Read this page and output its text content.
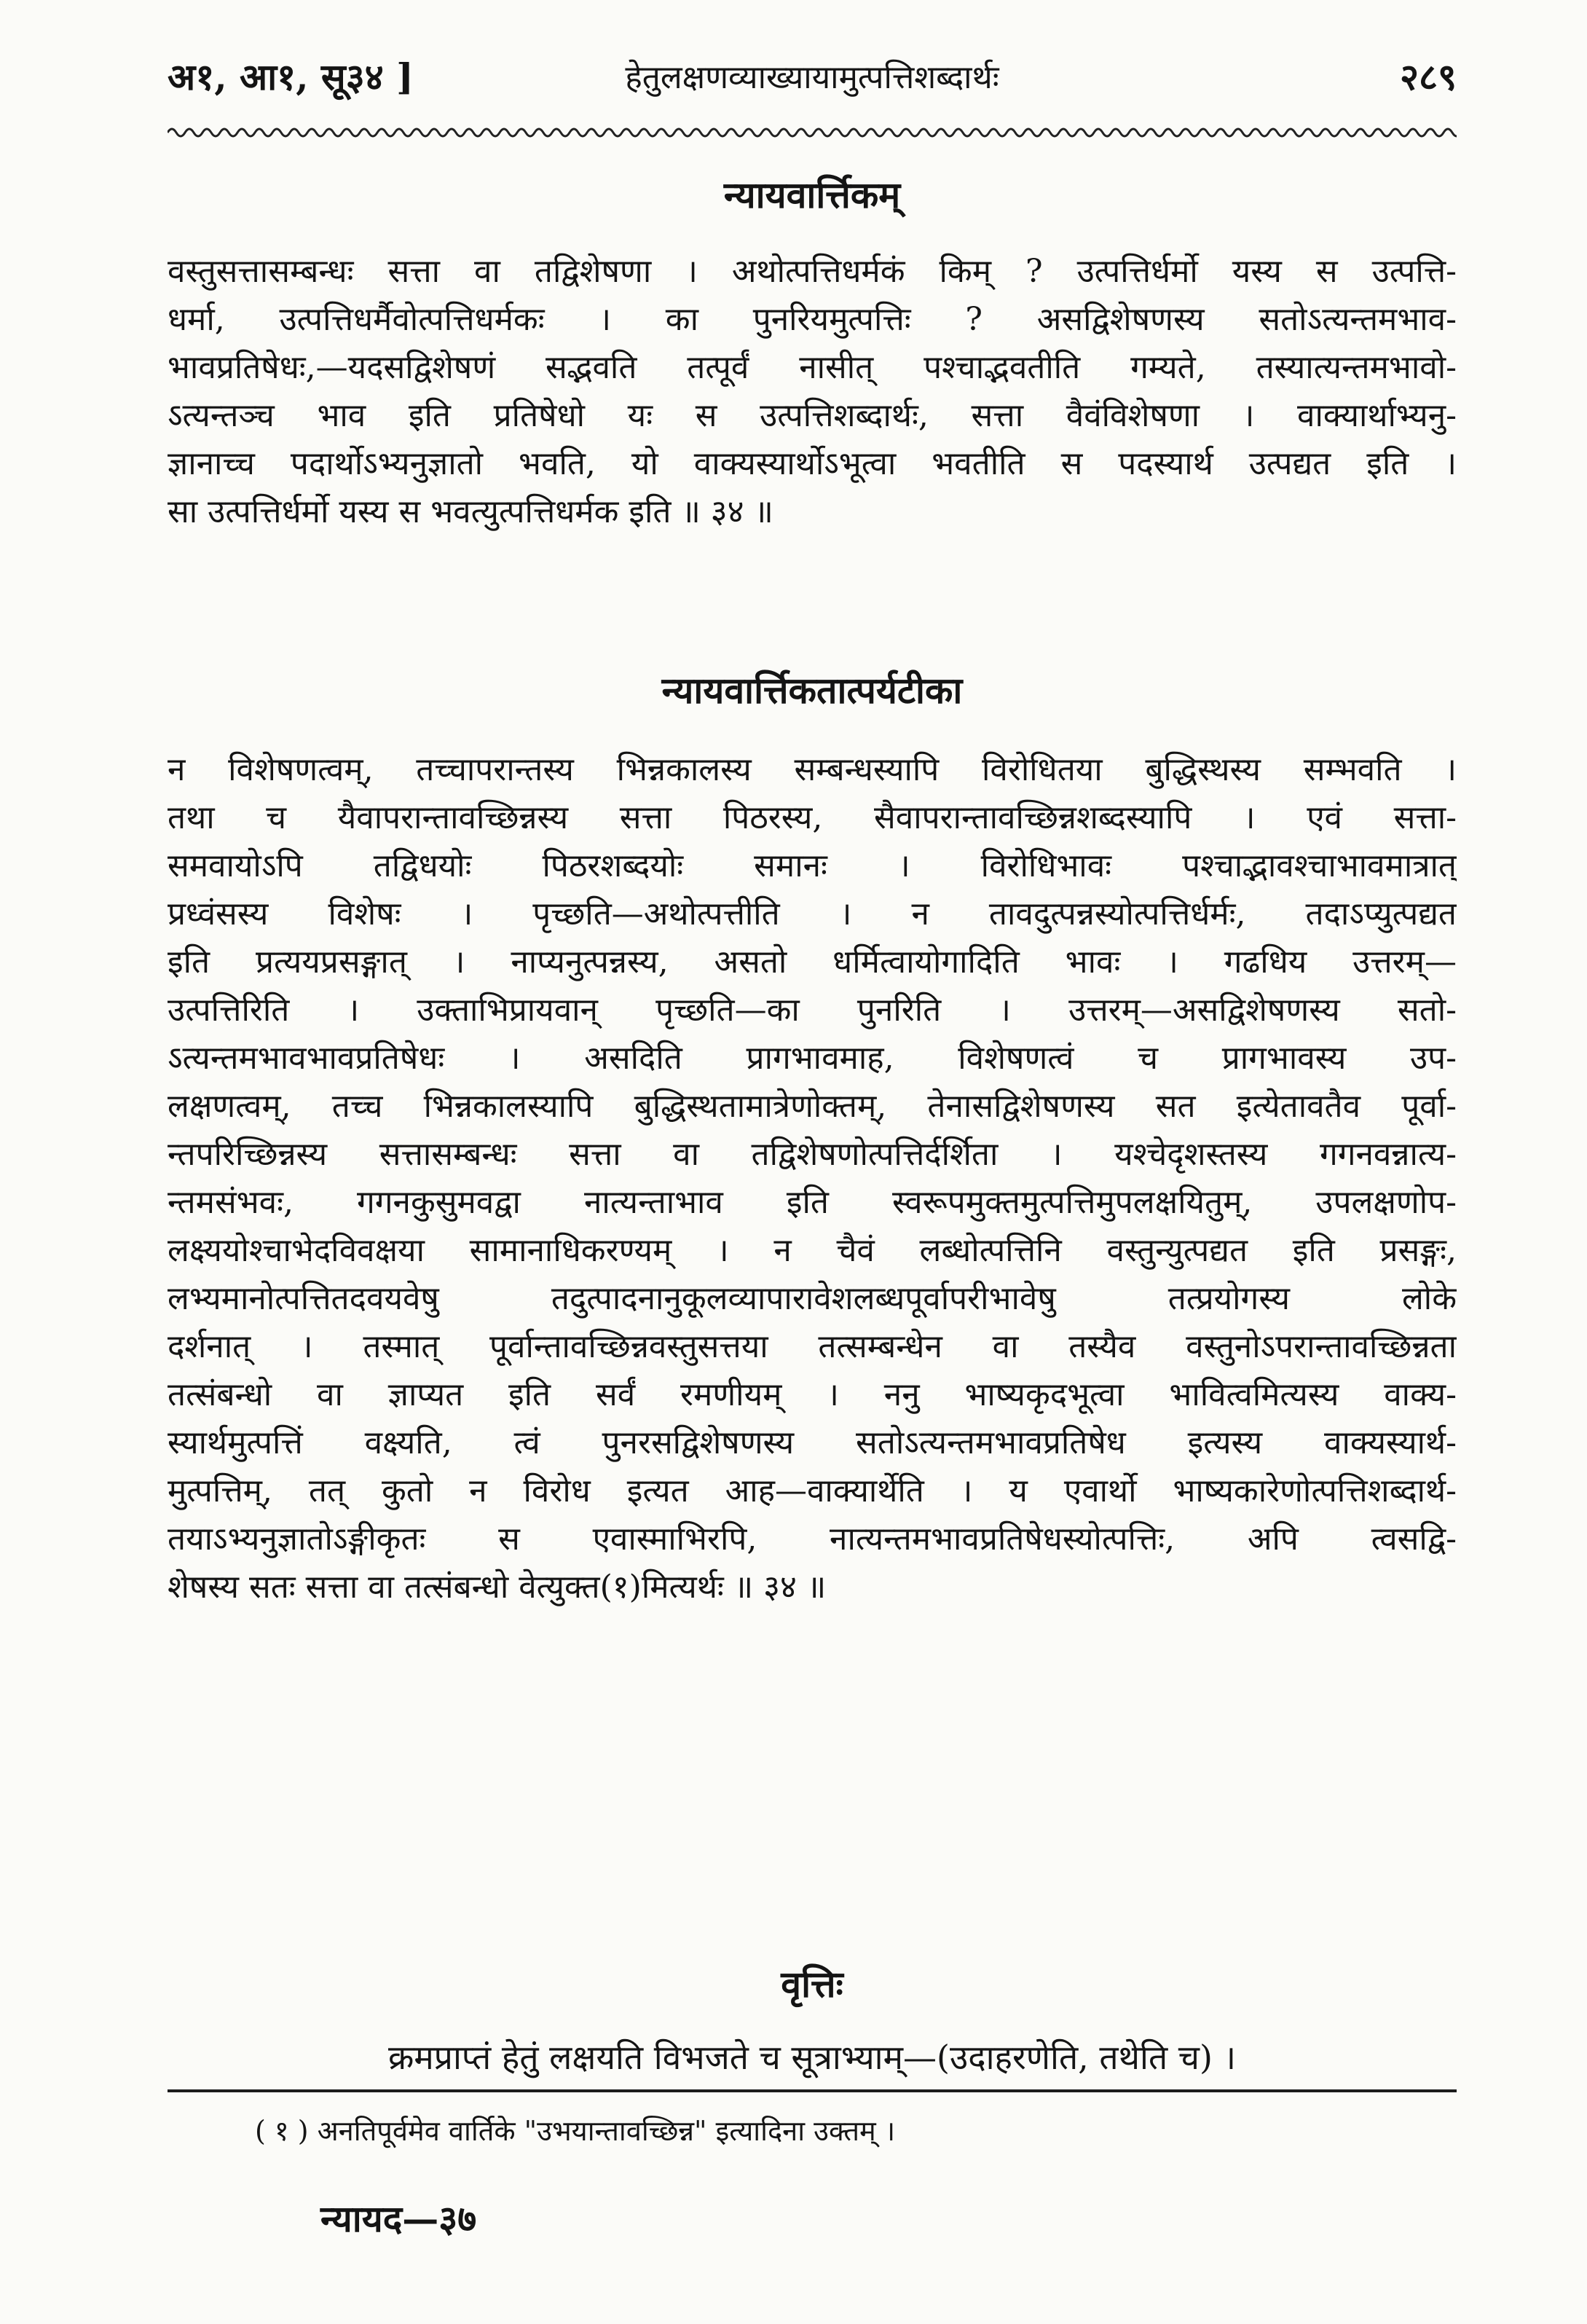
अ१, आ१, सू३४ ]	हेतुलक्षणव्याख्यायामुत्पत्तिशब्दार्थः	२८९
न्यायवार्त्तिकम्
वस्तुसत्तासम्बन्धः सत्ता वा तद्विशेषणा । अथोत्पत्तिधर्मकं किम् ? उत्पत्तिर्धर्मो यस्य स उत्पत्ति-
धर्मा, उत्पत्तिधर्मैवोत्पत्तिधर्मकः । का पुनरियमुत्पत्तिः ? असद्विशेषणस्य सतोऽत्यन्तमभाव-
भावप्रतिषेधः,—यदसद्विशेषणं सद्भवति तत्पूर्वं नासीत् पश्चाद्भवतीति गम्यते, तस्यात्यन्तमभावो-
ऽत्यन्तञ्च भाव इति प्रतिषेधो यः स उत्पत्तिशब्दार्थः, सत्ता वैवंविशेषणा । वाक्यार्थाभ्यनु-
ज्ञानाच्च पदार्थोऽभ्यनुज्ञातो भवति, यो वाक्यस्यार्थोऽभूत्वा भवतीति स पदस्यार्थ उत्पद्यत इति ।
सा उत्पत्तिर्धर्मो यस्य स भवत्युत्पत्तिधर्मक इति ॥ ३४ ॥
न्यायवार्त्तिकतात्पर्यटीका
न विशेषणत्वम्, तच्चापरान्तस्य भिन्नकालस्य सम्बन्धस्यापि विरोधितया बुद्धिस्थस्य सम्भवति ।
तथा च यैवापरान्तावच्छिन्नस्य सत्ता पिठरस्य, सैवापरान्तावच्छिन्नशब्दस्यापि । एवं सत्ता-
समवायोऽपि तद्विधयोः पिठरशब्दयोः समानः । विरोधिभावः पश्चाद्भावश्चाभावमात्रात्
प्रध्वंसस्य विशेषः । पृच्छति—अथोत्पत्तीति । न तावदुत्पन्नस्योत्पत्तिर्धर्मः, तदाऽप्युत्पद्यत
इति प्रत्ययप्रसङ्गात् । नाप्यनुत्पन्नस्य, असतो धर्मित्वायोगादिति भावः । गढधिय उत्तरम्—
उत्पत्तिरिति । उक्ताभिप्रायवान् पृच्छति—का पुनरिति । उत्तरम्—असद्विशेषणस्य सतो-
ऽत्यन्तमभावभावप्रतिषेधः । असदिति प्रागभावमाह, विशेषणत्वं च प्रागभावस्य उप-
लक्षणत्वम्, तच्च भिन्नकालस्यापि बुद्धिस्थतामात्रेणोक्तम्, तेनासद्विशेषणस्य सत इत्येतावतैव पूर्वा-
न्तपरिच्छिन्नस्य सत्तासम्बन्धः सत्ता वा तद्विशेषणोत्पत्तिर्दर्शिता । यश्चेदृशस्तस्य गगनवन्नात्य-
न्तमसंभवः, गगनकुसुमवद्वा नात्यन्ताभाव इति स्वरूपमुक्तमुत्पत्तिमुपलक्षयितुम्, उपलक्षणोप-
लक्ष्ययोश्चाभेदविवक्षया सामानाधिकरण्यम् । न चैवं लब्धोत्पत्तिनि वस्तुन्युत्पद्यत इति प्रसङ्गः,
लभ्यमानोत्पत्तितदवयवेषु तदुत्पादनानुकूलव्यापारावेशलब्धपूर्वापरीभावेषु तत्प्रयोगस्य लोके
दर्शनात् । तस्मात् पूर्वान्तावच्छिन्नवस्तुसत्तया तत्सम्बन्धेन वा तस्यैव वस्तुनोऽपरान्तावच्छिन्नता
तत्संबन्धो वा ज्ञाप्यत इति सर्वं रमणीयम् । ननु भाष्यकृदभूत्वा भावित्वमित्यस्य वाक्य-
स्यार्थमुत्पत्तिं वक्ष्यति, त्वं पुनरसद्विशेषणस्य सतोऽत्यन्तमभावप्रतिषेध इत्यस्य वाक्यस्यार्थ-
मुत्पत्तिम्, तत् कुतो न विरोध इत्यत आह—वाक्यार्थेति । य एवार्थो भाष्यकारेणोत्पत्तिशब्दार्थ-
तयाऽभ्यनुज्ञातोऽङ्गीकृतः स एवास्माभिरपि, नात्यन्तमभावप्रतिषेधस्योत्पत्तिः, अपि त्वसद्वि-
शेषस्य सतः सत्ता वा तत्संबन्धो वेत्युक्त(१)मित्यर्थः ॥ ३४ ॥
वृत्तिः
क्रमप्राप्तं हेतुं लक्षयति विभजते च सूत्राभ्याम्—(उदाहरणेति, तथेति च) ।
( १ ) अनतिपूर्वमेव वार्तिके "उभयान्तावच्छिन्न" इत्यादिना उक्तम् ।
न्यायद—३७
